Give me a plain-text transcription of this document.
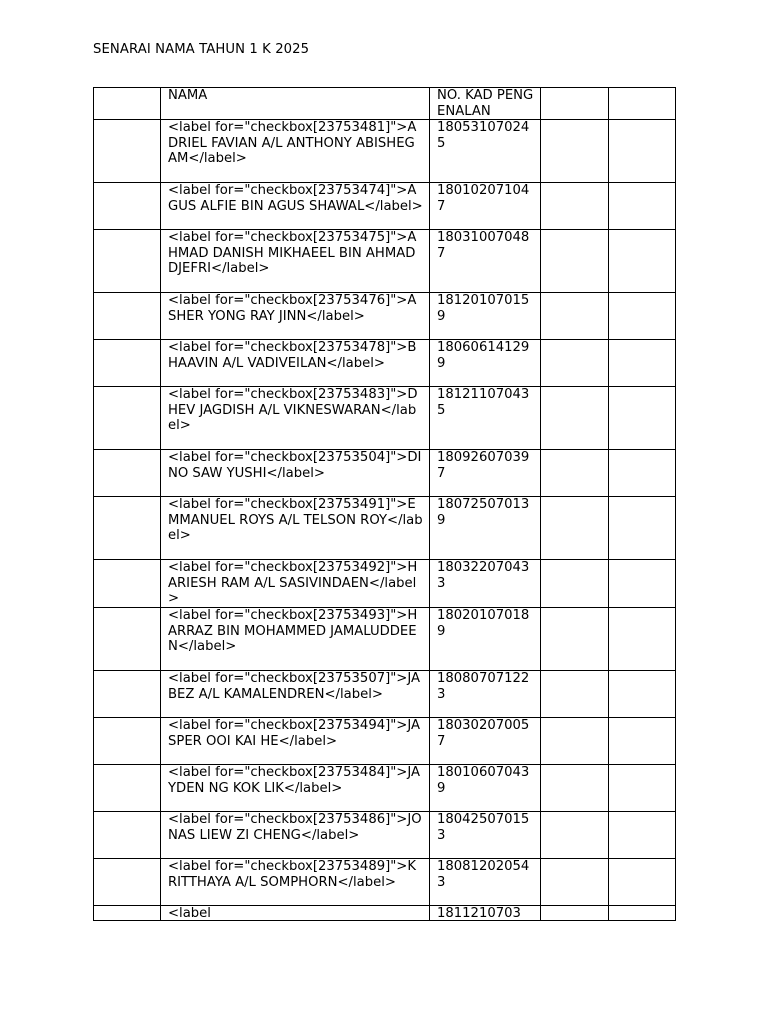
SENARAI NAMA TAHUN 1 K 2025
	NAMA	NO. KAD PENGENALAN		
	<label for="checkbox[23753481]">ADRIEL FAVIAN A/L ANTHONY ABISHEGAM</label>	180531070245		
	<label for="checkbox[23753474]">AGUS ALFIE BIN AGUS SHAWAL</label>	180102071047		
	<label for="checkbox[23753475]">AHMAD DANISH MIKHAEEL BIN AHMAD DJEFRI</label>	180310070487		
	<label for="checkbox[23753476]">ASHER YONG RAY JINN</label>	181201070159		
	<label for="checkbox[23753478]">BHAAVIN A/L VADIVEILAN</label>	180606141299		
	<label for="checkbox[23753483]">DHEV JAGDISH A/L VIKNESWARAN</label>	181211070435		
	<label for="checkbox[23753504]">DINO SAW YUSHI</label>	180926070397		
	<label for="checkbox[23753491]">EMMANUEL ROYS A/L TELSON ROY</label>	180725070139		
	<label for="checkbox[23753492]">HARIESH RAM A/L SASIVINDAEN</label>	180322070433		
	<label for="checkbox[23753493]">HARRAZ BIN MOHAMMED JAMALUDDEEN</label>	180201070189		
	<label for="checkbox[23753507]">JABEZ A/L KAMALENDREN</label>	180807071223		
	<label for="checkbox[23753494]">JASPER OOI KAI HE</label>	180302070057		
	<label for="checkbox[23753484]">JAYDEN NG KOK LIK</label>	180106070439		
	<label for="checkbox[23753486]">JONAS LIEW ZI CHENG</label>	180425070153		
	<label for="checkbox[23753489]">KRITTHAYA A/L SOMPHORN</label>	180812020543		

	<label	1811210703		
